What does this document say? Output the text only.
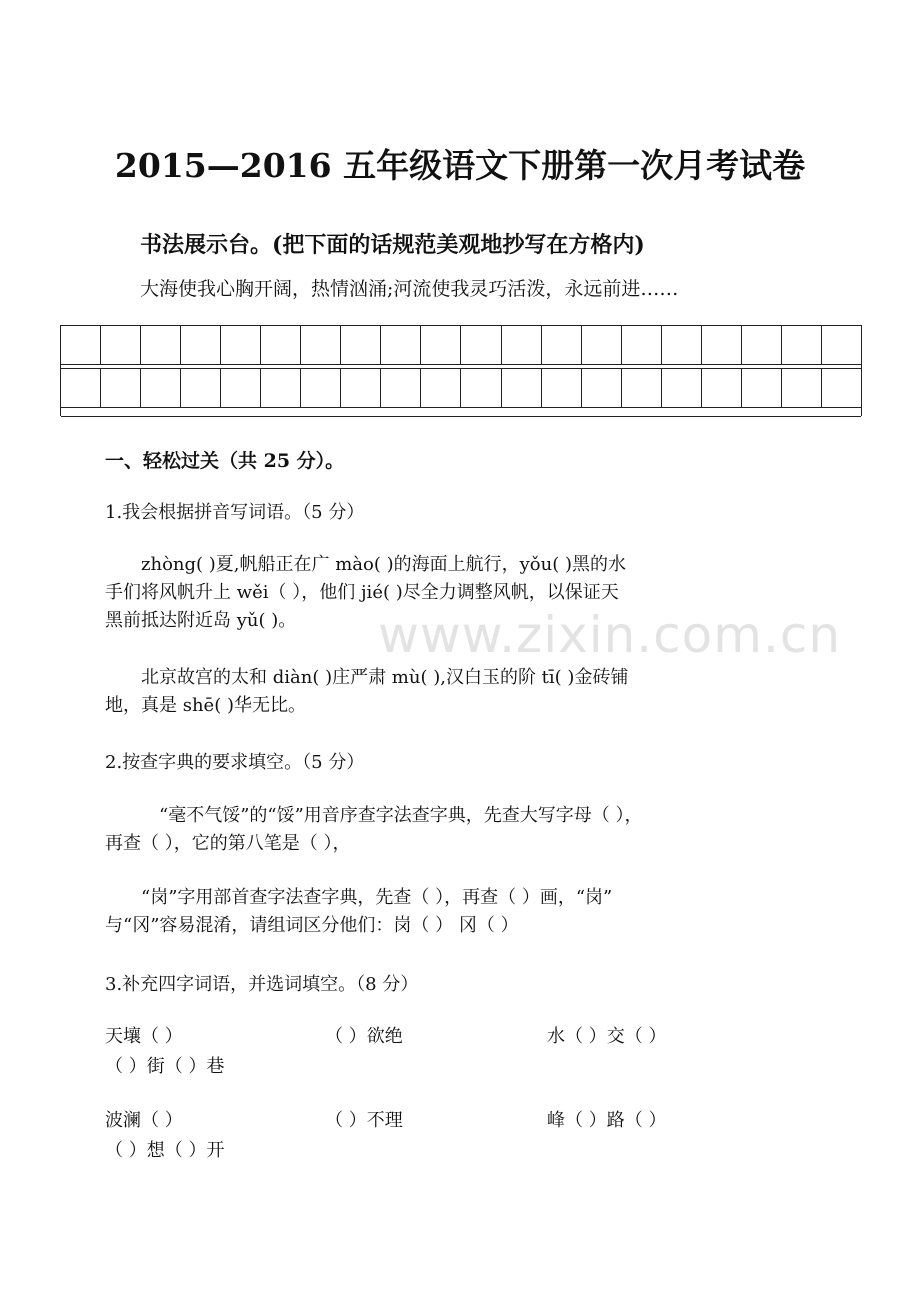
2015—2016 五年级语文下册第一次月考试卷
书法展示台。(把下面的话规范美观地抄写在方格内)
大海使我心胸开阔，热情汹涌;河流使我灵巧活泼，永远前进……
一、轻松过关（共 25 分）。
1.我会根据拼音写词语。（5 分）
zhòng( )夏,帆船正在广 mào( )的海面上航行，yǒu( )黑的水
手们将风帆升上 wěi（ ），他们 jié( )尽全力调整风帆，以保证天
黑前抵达附近岛 yǔ( )。
北京故宫的太和 diàn( )庄严肃 mù( ),汉白玉的阶 tī( )金砖铺
地，真是 shē( )华无比。
www.zixin.com.cn
2.按查字典的要求填空。（5 分）
“毫不气馁”的“馁”用音序查字法查字典，先查大写字母（ ），
再查（ ），它的第八笔是（ ），
“岗”字用部首查字法查字典，先查（ ），再查（ ）画，“岗”
与“冈”容易混淆，请组词区分他们：岗（ ） 冈（ ）
3.补充四字词语，并选词填空。（8 分）
天壤（ ）	（ ）欲绝	水（ ）交（ ）
（ ）街（ ）巷
波澜（ ）	（ ）不理	峰（ ）路（ ）
（ ）想（ ）开
